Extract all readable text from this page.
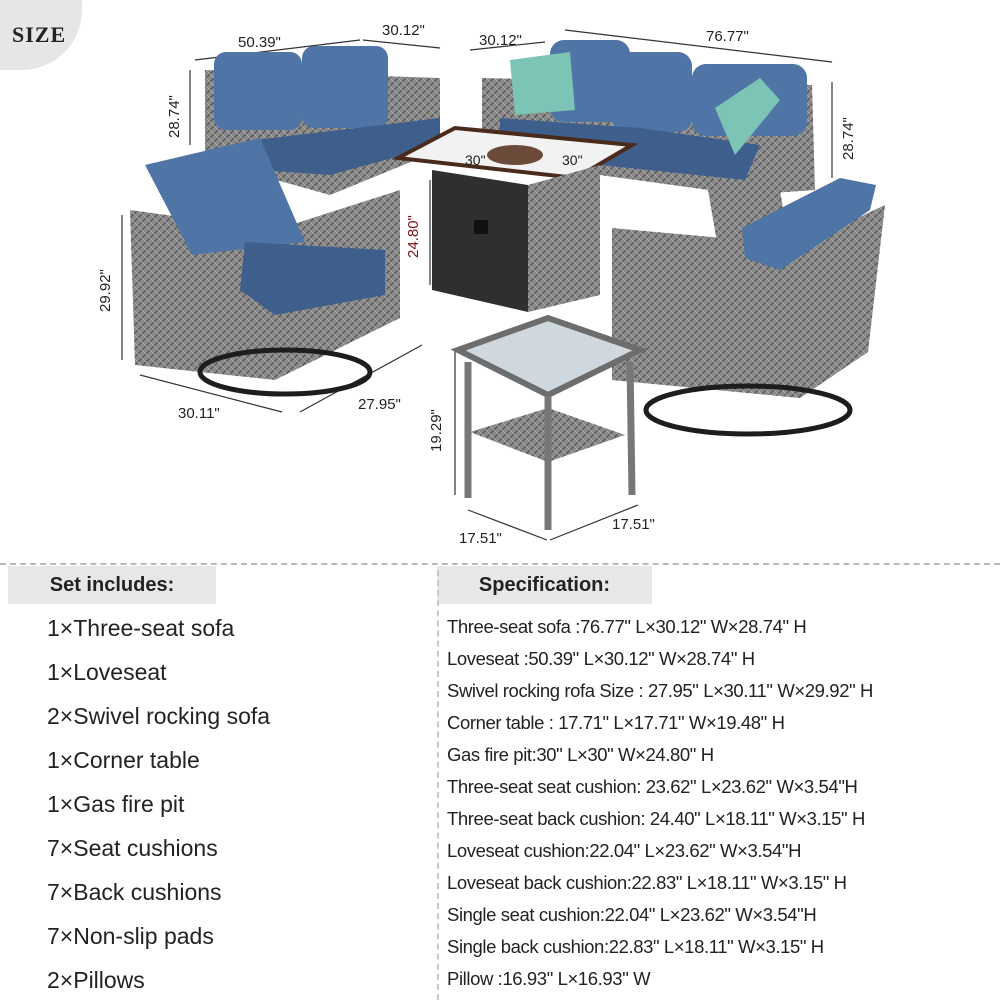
SIZE	50.39"
30.12"
30.12"	76.77"
28.74"
28.74"
30"	30"
24.80"
29.92"
30.11"
27.95"
19.29"
17.51"
17.51"
Set includes:	Specification:
1×Three-seat sofa
1×Loveseat
2×Swivel rocking sofa
1×Corner table
1×Gas fire pit
7×Seat cushions
7×Back cushions
7×Non-slip pads
2×Pillows
Three-seat sofa :76.77" L×30.12" W×28.74" H
Loveseat :50.39" L×30.12" W×28.74" H
Swivel rocking rofa Size : 27.95" L×30.11" W×29.92" H
Corner table : 17.71" L×17.71" W×19.48" H
Gas fire pit:30" L×30" W×24.80" H
Three-seat seat cushion: 23.62" L×23.62" W×3.54"H
Three-seat back cushion: 24.40" L×18.11" W×3.15" H
Loveseat cushion:22.04" L×23.62" W×3.54"H
Loveseat back cushion:22.83" L×18.11" W×3.15" H
Single seat cushion:22.04" L×23.62" W×3.54"H
Single back cushion:22.83" L×18.11" W×3.15" H
Pillow :16.93" L×16.93" W
